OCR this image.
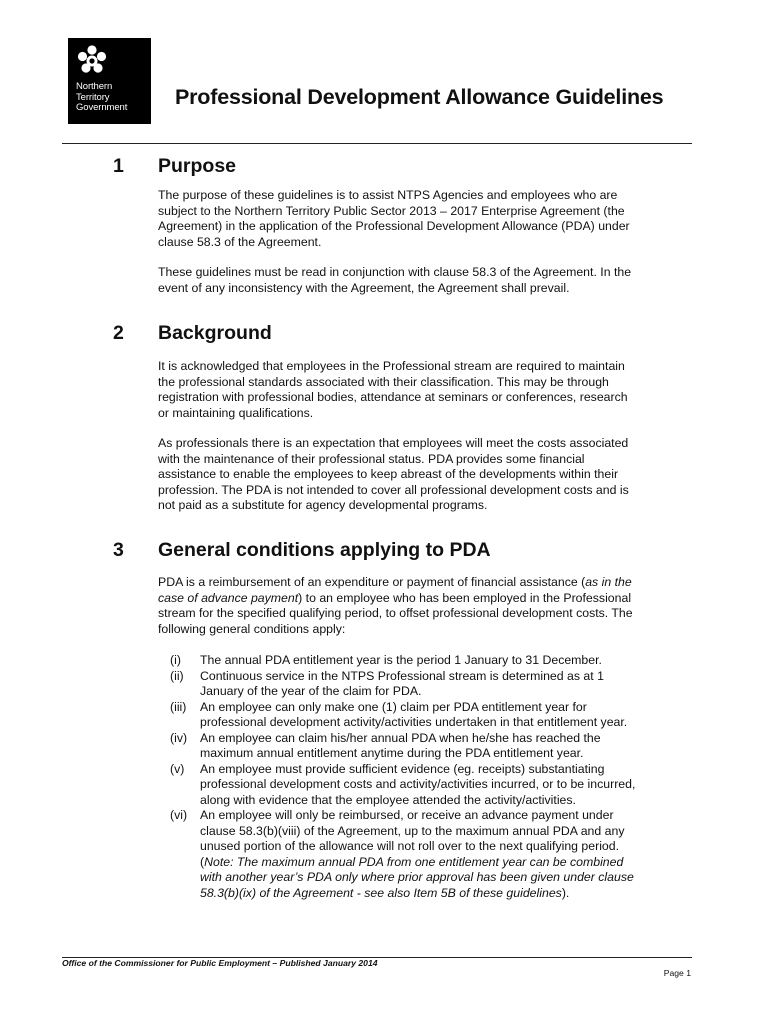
Northern
Territory
Government	Professional Development Allowance Guidelines
1 Purpose

The purpose of these guidelines is to assist NTPS Agencies and employees who are
subject to the Northern Territory Public Sector 2013 – 2017 Enterprise Agreement (the
Agreement) in the application of the Professional Development Allowance (PDA) under
clause 58.3 of the Agreement.

These guidelines must be read in conjunction with clause 58.3 of the Agreement. In the
event of any inconsistency with the Agreement, the Agreement shall prevail.

2 Background

It is acknowledged that employees in the Professional stream are required to maintain
the professional standards associated with their classification. This may be through
registration with professional bodies, attendance at seminars or conferences, research
or maintaining qualifications.

As professionals there is an expectation that employees will meet the costs associated
with the maintenance of their professional status. PDA provides some financial
assistance to enable the employees to keep abreast of the developments within their
profession. The PDA is not intended to cover all professional development costs and is
not paid as a substitute for agency developmental programs.

3 General conditions applying to PDA

PDA is a reimbursement of an expenditure or payment of financial assistance (as in the
case of advance payment) to an employee who has been employed in the Professional
stream for the specified qualifying period, to offset professional development costs. The
following general conditions apply:

(i) The annual PDA entitlement year is the period 1 January to 31 December.
(ii) Continuous service in the NTPS Professional stream is determined as at 1
January of the year of the claim for PDA.
(iii) An employee can only make one (1) claim per PDA entitlement year for
professional development activity/activities undertaken in that entitlement year.
(iv) An employee can claim his/her annual PDA when he/she has reached the
maximum annual entitlement anytime during the PDA entitlement year.
(v) An employee must provide sufficient evidence (eg. receipts) substantiating
professional development costs and activity/activities incurred, or to be incurred,
along with evidence that the employee attended the activity/activities.
(vi) An employee will only be reimbursed, or receive an advance payment under
clause 58.3(b)(viii) of the Agreement, up to the maximum annual PDA and any
unused portion of the allowance will not roll over to the next qualifying period.
(Note: The maximum annual PDA from one entitlement year can be combined
with another year’s PDA only where prior approval has been given under clause
58.3(b)(ix) of the Agreement - see also Item 5B of these guidelines).
Office of the Commissioner for Public Employment – Published January 2014
Page 1
